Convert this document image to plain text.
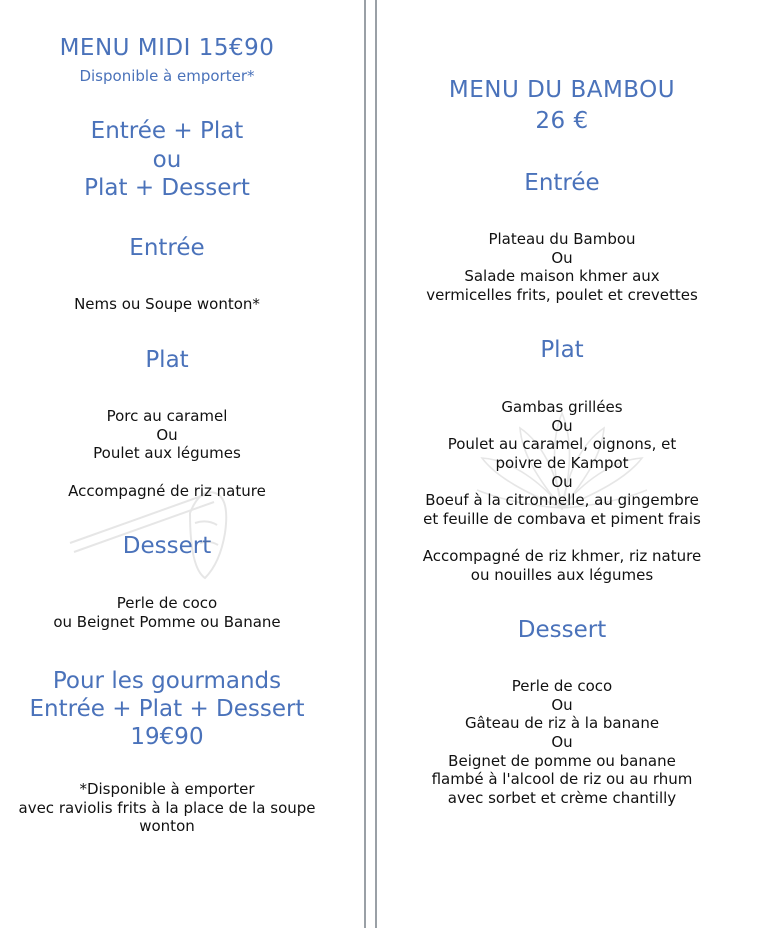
MENU MIDI 15€90
Disponible à emporter*
Entrée + Plat
ou
Plat + Dessert
Entrée
Nems ou Soupe wonton*
Plat
Porc au caramel
Ou
Poulet aux légumes
Accompagné de riz nature
Dessert
Perle de coco
ou Beignet Pomme ou Banane
Pour les gourmands
Entrée + Plat + Dessert
19€90
*Disponible à emporter
avec raviolis frits à la place de la soupe
wonton
MENU DU BAMBOU
26 €
Entrée
Plateau du Bambou
Ou
Salade maison khmer aux
vermicelles frits, poulet et crevettes
Plat
Gambas grillées
Ou
Poulet au caramel, oignons, et
poivre de Kampot
Ou
Boeuf à la citronnelle, au gingembre
et feuille de combava et piment frais
Accompagné de riz khmer, riz nature
ou nouilles aux légumes
Dessert
Perle de coco
Ou
Gâteau de riz à la banane
Ou
Beignet de pomme ou banane
flambé à l'alcool de riz ou au rhum
avec sorbet et crème chantilly
